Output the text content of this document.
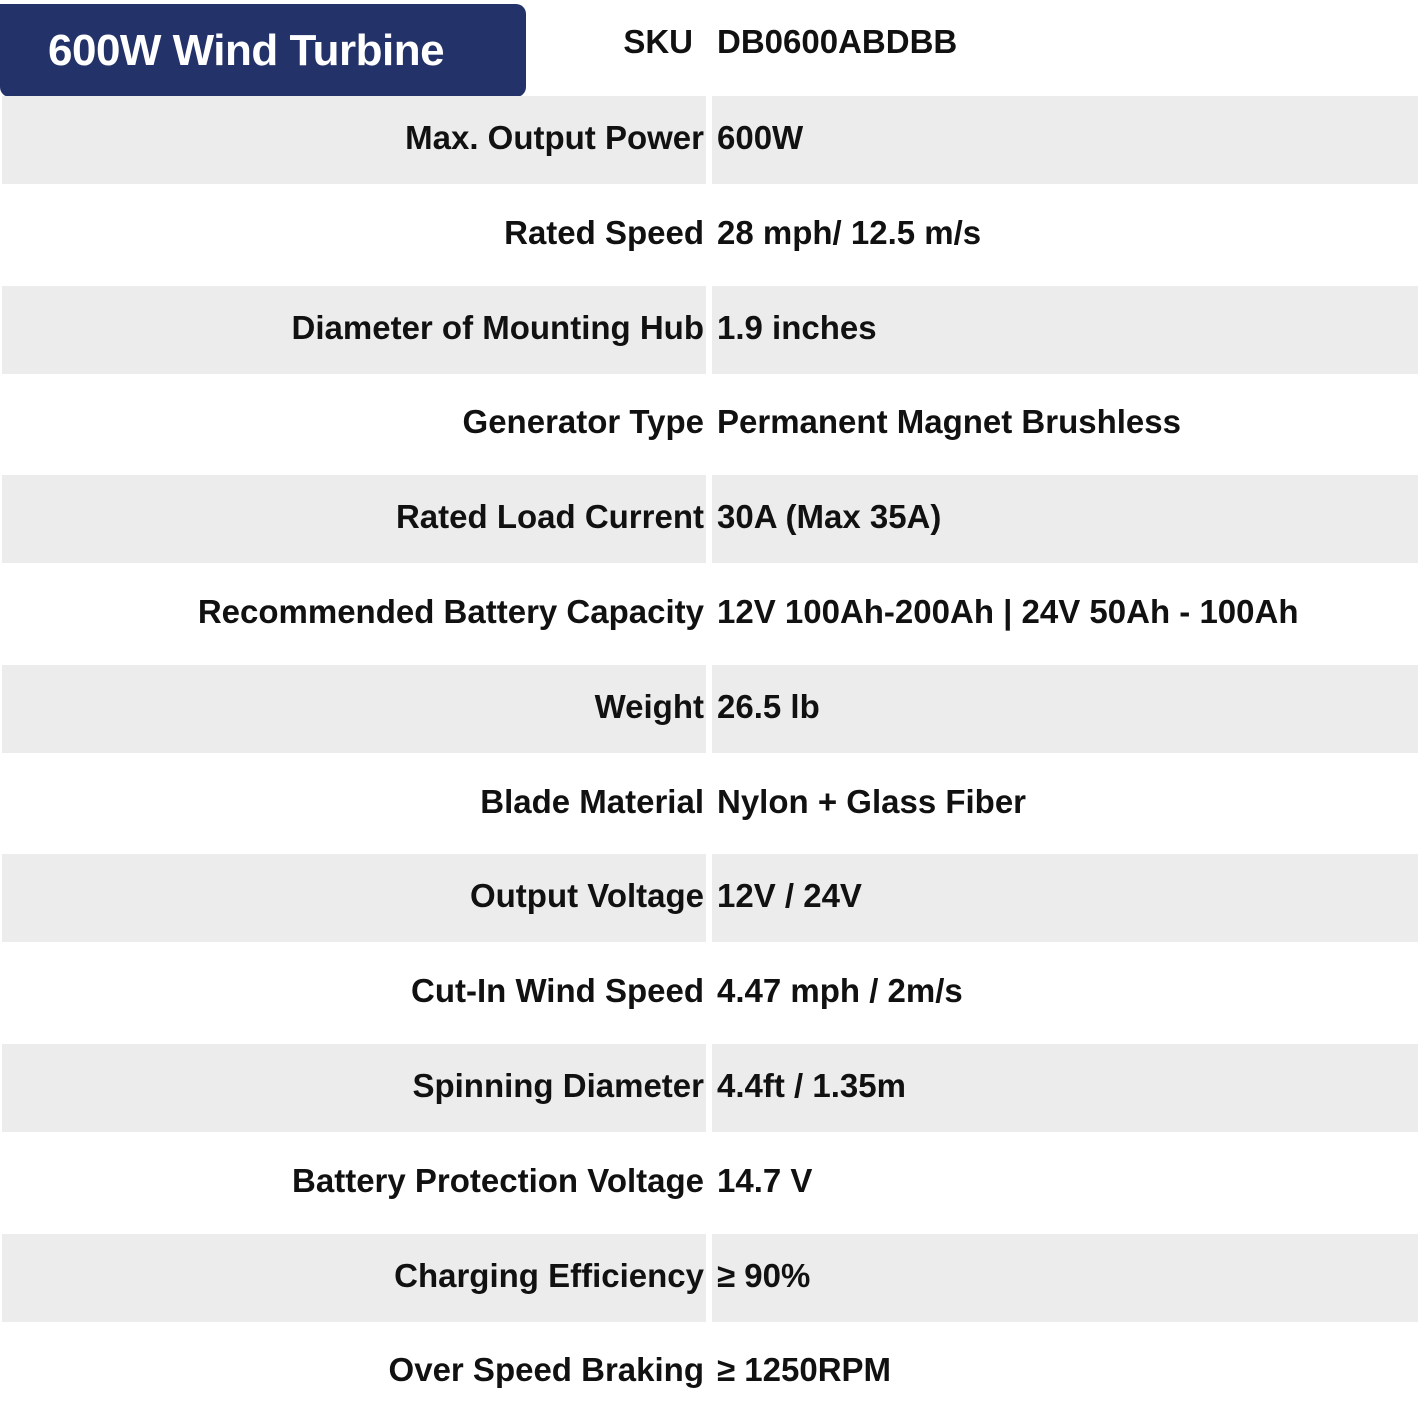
SKU DB0600ABDBB
600W Wind Turbine
Max. Output Power 600W
Rated Speed 28 mph/ 12.5 m/s
Diameter of Mounting Hub 1.9 inches
Generator Type Permanent Magnet Brushless
Rated Load Current 30A (Max 35A)
Recommended Battery Capacity 12V 100Ah-200Ah | 24V 50Ah - 100Ah
Weight 26.5 lb
Blade Material Nylon + Glass Fiber
Output Voltage 12V / 24V
Cut-In Wind Speed 4.47 mph / 2m/s
Spinning Diameter 4.4ft / 1.35m
Battery Protection Voltage 14.7 V
Charging Efficiency ≥ 90%
Over Speed Braking ≥ 1250RPM
